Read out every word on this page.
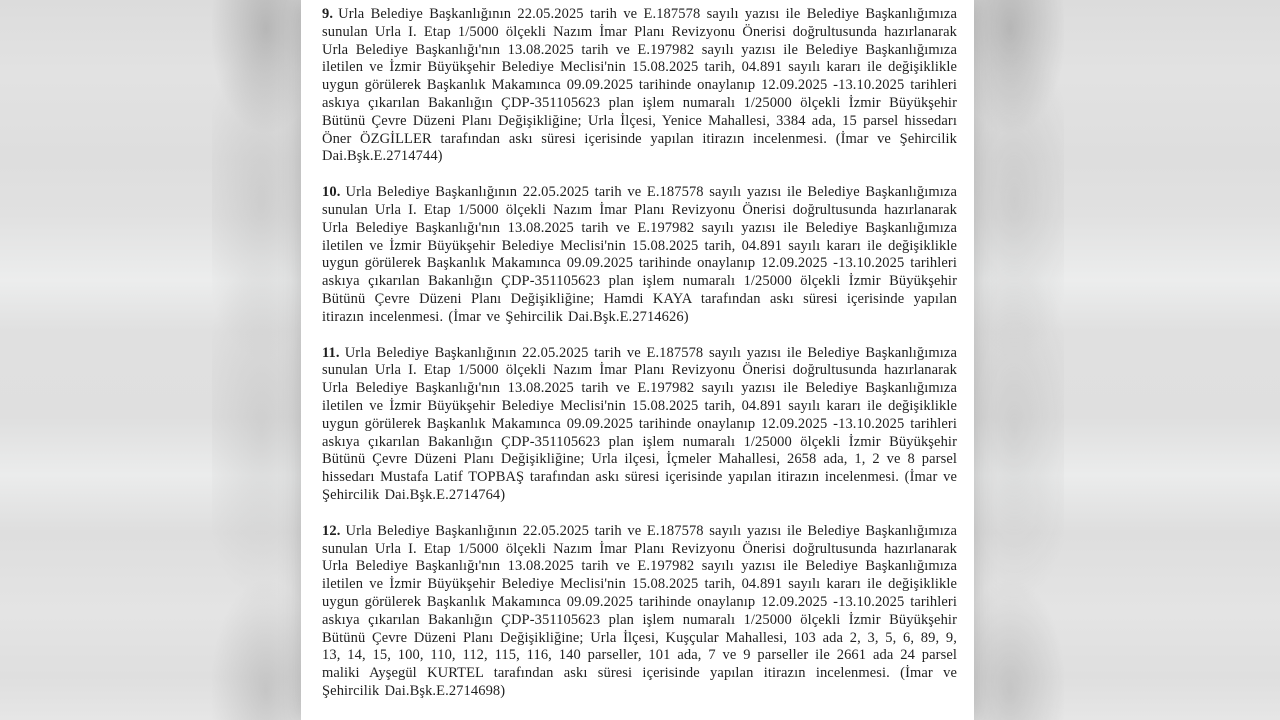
9. Urla Belediye Başkanlığının 22.05.2025 tarih ve E.187578 sayılı yazısı ile Belediye Başkanlığımıza sunulan Urla I. Etap 1/5000 ölçekli Nazım İmar Planı Revizyonu Önerisi doğrultusunda hazırlanarak Urla Belediye Başkanlığı'nın 13.08.2025 tarih ve E.197982 sayılı yazısı ile Belediye Başkanlığımıza iletilen ve İzmir Büyükşehir Belediye Meclisi'nin 15.08.2025 tarih, 04.891 sayılı kararı ile değişiklikle uygun görülerek Başkanlık Makamınca 09.09.2025 tarihinde onaylanıp 12.09.2025 -13.10.2025 tarihleri askıya çıkarılan Bakanlığın ÇDP-351105623 plan işlem numaralı 1/25000 ölçekli İzmir Büyükşehir Bütünü Çevre Düzeni Planı Değişikliğine; Urla İlçesi, Yenice Mahallesi, 3384 ada, 15 parsel hissedarı Öner ÖZGİLLER tarafından askı süresi içerisinde yapılan itirazın incelenmesi. (İmar ve Şehircilik Dai.Bşk.E.2714744)

10. Urla Belediye Başkanlığının 22.05.2025 tarih ve E.187578 sayılı yazısı ile Belediye Başkanlığımıza sunulan Urla I. Etap 1/5000 ölçekli Nazım İmar Planı Revizyonu Önerisi doğrultusunda hazırlanarak Urla Belediye Başkanlığı'nın 13.08.2025 tarih ve E.197982 sayılı yazısı ile Belediye Başkanlığımıza iletilen ve İzmir Büyükşehir Belediye Meclisi'nin 15.08.2025 tarih, 04.891 sayılı kararı ile değişiklikle uygun görülerek Başkanlık Makamınca 09.09.2025 tarihinde onaylanıp 12.09.2025 -13.10.2025 tarihleri askıya çıkarılan Bakanlığın ÇDP-351105623 plan işlem numaralı 1/25000 ölçekli İzmir Büyükşehir Bütünü Çevre Düzeni Planı Değişikliğine; Hamdi KAYA tarafından askı süresi içerisinde yapılan itirazın incelenmesi. (İmar ve Şehircilik Dai.Bşk.E.2714626)

11. Urla Belediye Başkanlığının 22.05.2025 tarih ve E.187578 sayılı yazısı ile Belediye Başkanlığımıza sunulan Urla I. Etap 1/5000 ölçekli Nazım İmar Planı Revizyonu Önerisi doğrultusunda hazırlanarak Urla Belediye Başkanlığı'nın 13.08.2025 tarih ve E.197982 sayılı yazısı ile Belediye Başkanlığımıza iletilen ve İzmir Büyükşehir Belediye Meclisi'nin 15.08.2025 tarih, 04.891 sayılı kararı ile değişiklikle uygun görülerek Başkanlık Makamınca 09.09.2025 tarihinde onaylanıp 12.09.2025 -13.10.2025 tarihleri askıya çıkarılan Bakanlığın ÇDP-351105623 plan işlem numaralı 1/25000 ölçekli İzmir Büyükşehir Bütünü Çevre Düzeni Planı Değişikliğine; Urla ilçesi, İçmeler Mahallesi, 2658 ada, 1, 2 ve 8 parsel hissedarı Mustafa Latif TOPBAŞ tarafından askı süresi içerisinde yapılan itirazın incelenmesi. (İmar ve Şehircilik Dai.Bşk.E.2714764)

12. Urla Belediye Başkanlığının 22.05.2025 tarih ve E.187578 sayılı yazısı ile Belediye Başkanlığımıza sunulan Urla I. Etap 1/5000 ölçekli Nazım İmar Planı Revizyonu Önerisi doğrultusunda hazırlanarak Urla Belediye Başkanlığı'nın 13.08.2025 tarih ve E.197982 sayılı yazısı ile Belediye Başkanlığımıza iletilen ve İzmir Büyükşehir Belediye Meclisi'nin 15.08.2025 tarih, 04.891 sayılı kararı ile değişiklikle uygun görülerek Başkanlık Makamınca 09.09.2025 tarihinde onaylanıp 12.09.2025 -13.10.2025 tarihleri askıya çıkarılan Bakanlığın ÇDP-351105623 plan işlem numaralı 1/25000 ölçekli İzmir Büyükşehir Bütünü Çevre Düzeni Planı Değişikliğine; Urla İlçesi, Kuşçular Mahallesi, 103 ada 2, 3, 5, 6, 89, 9, 13, 14, 15, 100, 110, 112, 115, 116, 140 parseller, 101 ada, 7 ve 9 parseller ile 2661 ada 24 parsel maliki Ayşegül KURTEL tarafından askı süresi içerisinde yapılan itirazın incelenmesi. (İmar ve Şehircilik Dai.Bşk.E.2714698)
